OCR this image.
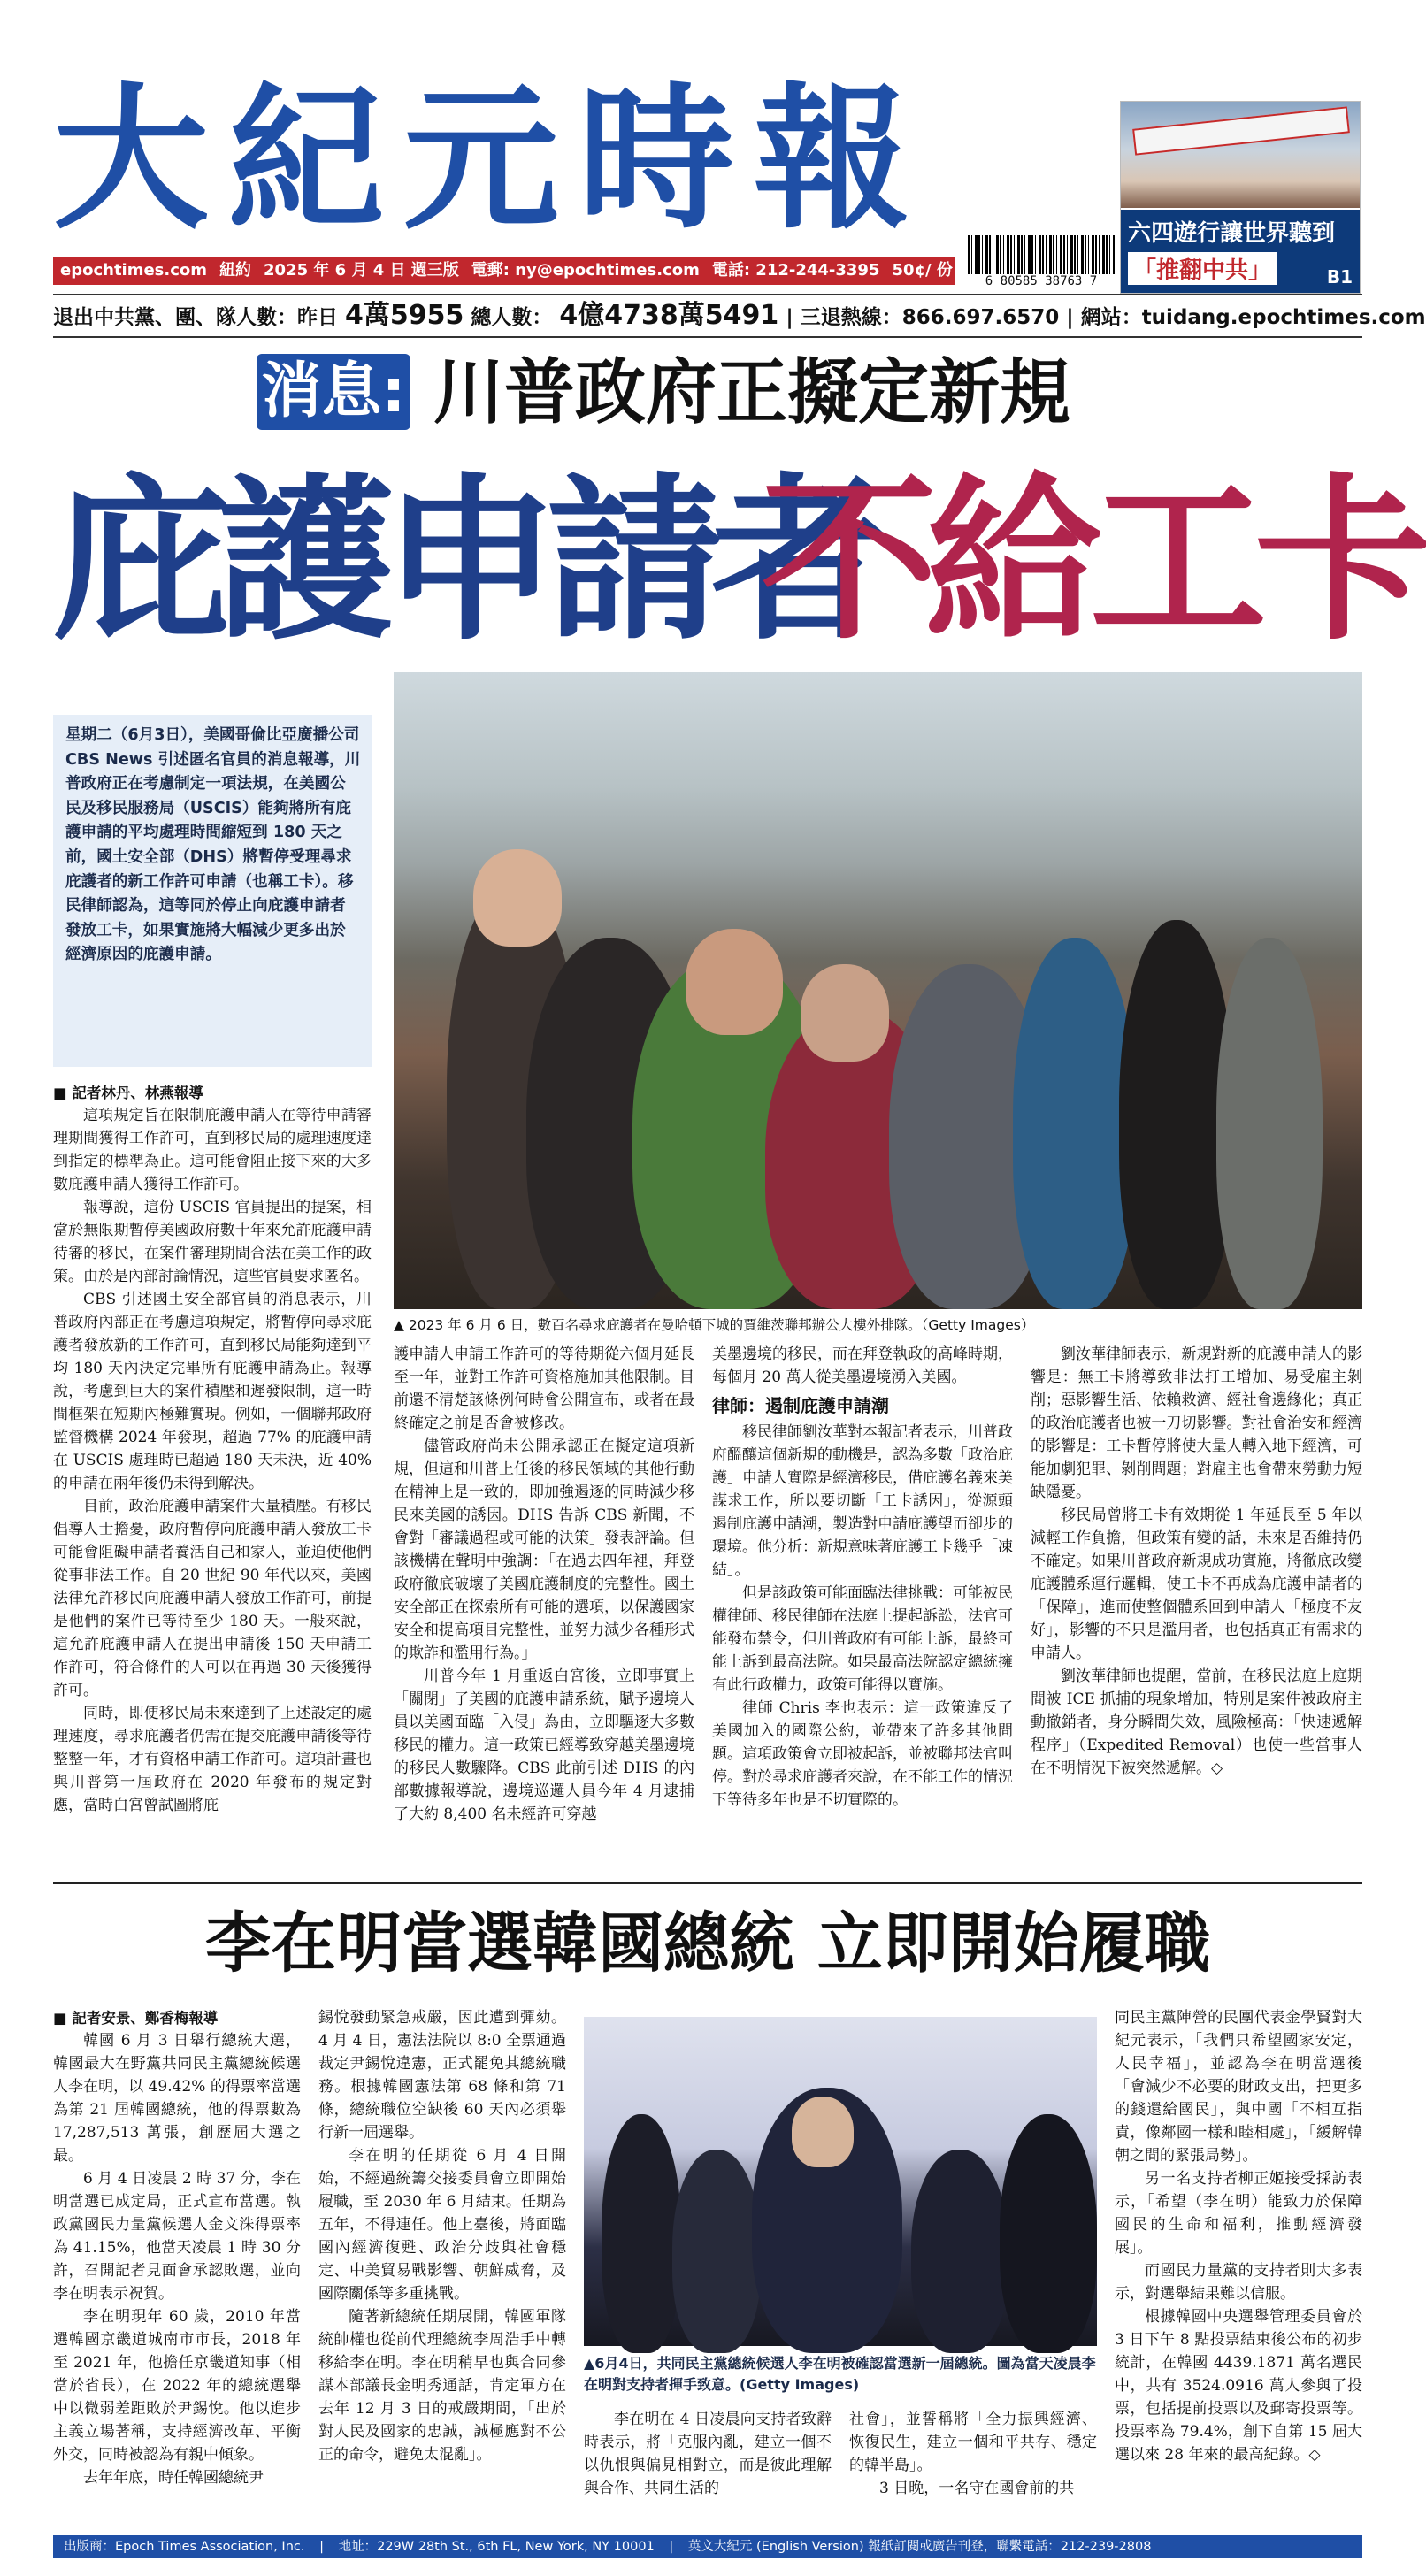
大紀元時報	六四遊行讓世界聽到
「推翻中共」	B1
epochtimes.com 紐約 2025 年 6 月 4 日 週三版 電郵: ny@epochtimes.com 電話: 212-244-3395 50¢/ 份
6 80585 38763 7
退出中共黨、團、隊人數：昨日 4萬5955 總人數： 4億4738萬5491 | 三退熱線：866.697.6570 | 網站：tuidang.epochtimes.com
消息: 川普政府正擬定新規
庇護申請者
不給工卡

星期二（6月3日），美國哥倫比亞廣播公司 CBS News 引述匿名官員的消息報導，川普政府正在考慮制定一項法規，在美國公民及移民服務局（USCIS）能夠將所有庇護申請的平均處理時間縮短到 180 天之前，國土安全部（DHS）將暫停受理尋求庇護者的新工作許可申請（也稱工卡）。移民律師認為，這等同於停止向庇護申請者發放工卡，如果實施將大幅減少更多出於經濟原因的庇護申請。

▲ 2023 年 6 月 6 日，數百名尋求庇護者在曼哈頓下城的賈維茨聯邦辦公大樓外排隊。（Getty Images）
■ 記者林丹、林燕報導

這項規定旨在限制庇護申請人在等待申請審理期間獲得工作許可，直到移民局的處理速度達到指定的標準為止。這可能會阻止接下來的大多數庇護申請人獲得工作許可。

報導說，這份 USCIS 官員提出的提案，相當於無限期暫停美國政府數十年來允許庇護申請待審的移民，在案件審理期間合法在美工作的政策。由於是內部討論情況，這些官員要求匿名。

CBS 引述國土安全部官員的消息表示，川普政府內部正在考慮這項規定，將暫停向尋求庇護者發放新的工作許可，直到移民局能夠達到平均 180 天內決定完畢所有庇護申請為止。報導說，考慮到巨大的案件積壓和遲發限制，這一時間框架在短期內極難實現。例如，一個聯邦政府監督機構 2024 年發現，超過 77% 的庇護申請在 USCIS 處理時已超過 180 天未決，近 40% 的申請在兩年後仍未得到解決。

目前，政治庇護申請案件大量積壓。有移民倡導人士擔憂，政府暫停向庇護申請人發放工卡可能會阻礙申請者養活自己和家人，並迫使他們從事非法工作。自 20 世紀 90 年代以來，美國法律允許移民向庇護申請人發放工作許可，前提是他們的案件已等待至少 180 天。一般來說，這允許庇護申請人在提出申請後 150 天申請工作許可，符合條件的人可以在再過 30 天後獲得許可。

同時，即便移民局未來達到了上述設定的處理速度，尋求庇護者仍需在提交庇護申請後等待整整一年，才有資格申請工作許可。這項計畫也與川普第一屆政府在 2020 年發布的規定對應，當時白宮曾試圖將庇

護申請人申請工作許可的等待期從六個月延長至一年，並對工作許可資格施加其他限制。目前還不清楚該條例何時會公開宣布，或者在最終確定之前是否會被修改。

儘管政府尚未公開承認正在擬定這項新規，但這和川普上任後的移民領域的其他行動在精神上是一致的，即加強遏逐的同時減少移民來美國的誘因。DHS 告訴 CBS 新聞，不會對「審議過程或可能的決策」發表評論。但該機構在聲明中強調：「在過去四年裡，拜登政府徹底破壞了美國庇護制度的完整性。國土安全部正在探索所有可能的選項，以保護國家安全和提高項目完整性，並努力減少各種形式的欺詐和濫用行為。」

川普今年 1 月重返白宮後，立即事實上「關閉」了美國的庇護申請系統，賦予邊境人員以美國面臨「入侵」為由，立即驅逐大多數移民的權力。這一政策已經導致穿越美墨邊境的移民人數驟降。CBS 此前引述 DHS 的內部數據報導說，邊境巡邏人員今年 4 月逮捕了大約 8,400 名未經許可穿越

美墨邊境的移民，而在拜登執政的高峰時期，每個月 20 萬人從美墨邊境湧入美國。

律師：遏制庇護申請潮

移民律師劉汝華對本報記者表示，川普政府醞釀這個新規的動機是，認為多數「政治庇護」申請人實際是經濟移民，借庇護名義來美謀求工作，所以要切斷「工卡誘因」，從源頭遏制庇護申請潮，製造對申請庇護望而卻步的環境。他分析：新規意味著庇護工卡幾乎「凍結」。

但是該政策可能面臨法律挑戰：可能被民權律師、移民律師在法庭上提起訴訟，法官可能發布禁令，但川普政府有可能上訴，最終可能上訴到最高法院。如果最高法院認定總統擁有此行政權力，政策可能得以實施。

律師 Chris 李也表示：這一政策違反了美國加入的國際公約，並帶來了許多其他問題。這項政策會立即被起訴，並被聯邦法官叫停。對於尋求庇護者來說，在不能工作的情況下等待多年也是不切實際的。

劉汝華律師表示，新規對新的庇護申請人的影響是：無工卡將導致非法打工增加、易受雇主剝削；惡影響生活、依賴救濟、經社會邊緣化；真正的政治庇護者也被一刀切影響。對社會治安和經濟的影響是：工卡暫停將使大量人轉入地下經濟，可能加劇犯罪、剝削問題；對雇主也會帶來勞動力短缺隱憂。

移民局曾將工卡有效期從 1 年延長至 5 年以減輕工作負擔，但政策有變的話，未來是否維持仍不確定。如果川普政府新規成功實施，將徹底改變庇護體系運行邏輯，使工卡不再成為庇護申請者的「保障」，進而使整個體系回到申請人「極度不友好」，影響的不只是濫用者，也包括真正有需求的申請人。

劉汝華律師也提醒，當前，在移民法庭上庭期間被 ICE 抓捕的現象增加，特別是案件被政府主動撤銷者，身分瞬間失效，風險極高：「快速遞解程序」（Expedited Removal）也使一些當事人在不明情況下被突然遞解。◇

李在明當選韓國總統 立即開始履職
■ 記者安景、鄭香梅報導

韓國 6 月 3 日舉行總統大選，韓國最大在野黨共同民主黨總統候選人李在明，以 49.42% 的得票率當選為第 21 屆韓國總統，他的得票數為 17,287,513 萬張，創歷屆大選之最。

6 月 4 日凌晨 2 時 37 分，李在明當選已成定局，正式宣布當選。執政黨國民力量黨候選人金文洙得票率為 41.15%，他當天凌晨 1 時 30 分許，召開記者見面會承認敗選，並向李在明表示祝賀。

李在明現年 60 歲，2010 年當選韓國京畿道城南市市長，2018 年至 2021 年，他擔任京畿道知事（相當於省長），在 2022 年的總統選舉中以微弱差距敗於尹錫悅。他以進步主義立場著稱，支持經濟改革、平衡外交，同時被認為有親中傾象。

去年年底，時任韓國總統尹

錫悅發動緊急戒嚴，因此遭到彈劾。4 月 4 日，憲法法院以 8:0 全票通過裁定尹錫悅違憲，正式罷免其總統職務。根據韓國憲法第 68 條和第 71 條，總統職位空缺後 60 天內必須舉行新一屆選舉。

李在明的任期從 6 月 4 日開始，不經過統籌交接委員會立即開始履職，至 2030 年 6 月結束。任期為五年，不得連任。他上臺後，將面臨國內經濟復甦、政治分歧與社會穩定、中美貿易戰影響、朝鮮威脅，及國際關係等多重挑戰。

隨著新總統任期展開，韓國軍隊統帥權也從前代理總統李周浩手中轉移給李在明。李在明稍早也與合同參謀本部議長金明秀通話，肯定軍方在去年 12 月 3 日的戒嚴期間，「出於對人民及國家的忠誠，誠極應對不公正的命令，避免太混亂」。

▲6月4日，共同民主黨總統候選人李在明被確認當選新一屆總統。圖為當天凌晨李在明對支持者揮手致意。(Getty Images)

李在明在 4 日凌晨向支持者致辭時表示，將「克服內亂，建立一個不以仇恨與偏見相對立，而是彼此理解與合作、共同生活的

社會」，並誓稱將「全力振興經濟、恢復民生，建立一個和平共存、穩定的韓半島」。

3 日晚，一名守在國會前的共

同民主黨陣營的民團代表金學賢對大紀元表示，「我們只希望國家安定，人民幸福」，並認為李在明當選後「會減少不必要的財政支出，把更多的錢還給國民」，與中國「不相互指責，像鄰國一樣和睦相處」，「緩解韓朝之間的緊張局勢」。

另一名支持者柳正姬接受採訪表示，「希望（李在明）能致力於保障國民的生命和福利，推動經濟發展」。

而國民力量黨的支持者則大多表示，對選舉結果難以信服。

根據韓國中央選舉管理委員會於 3 日下午 8 點投票結束後公布的初步統計，在韓國 4439.1871 萬名選民中，共有 3524.0916 萬人參與了投票，包括提前投票以及郵寄投票等。投票率為 79.4%，創下自第 15 屆大選以來 28 年來的最高紀錄。◇

出版商：Epoch Times Association, Inc. | 地址：229W 28th St., 6th FL, New York, NY 10001 | 英文大紀元 (English Version) 報紙訂閱或廣告刊登，聯繫電話：212-239-2808
